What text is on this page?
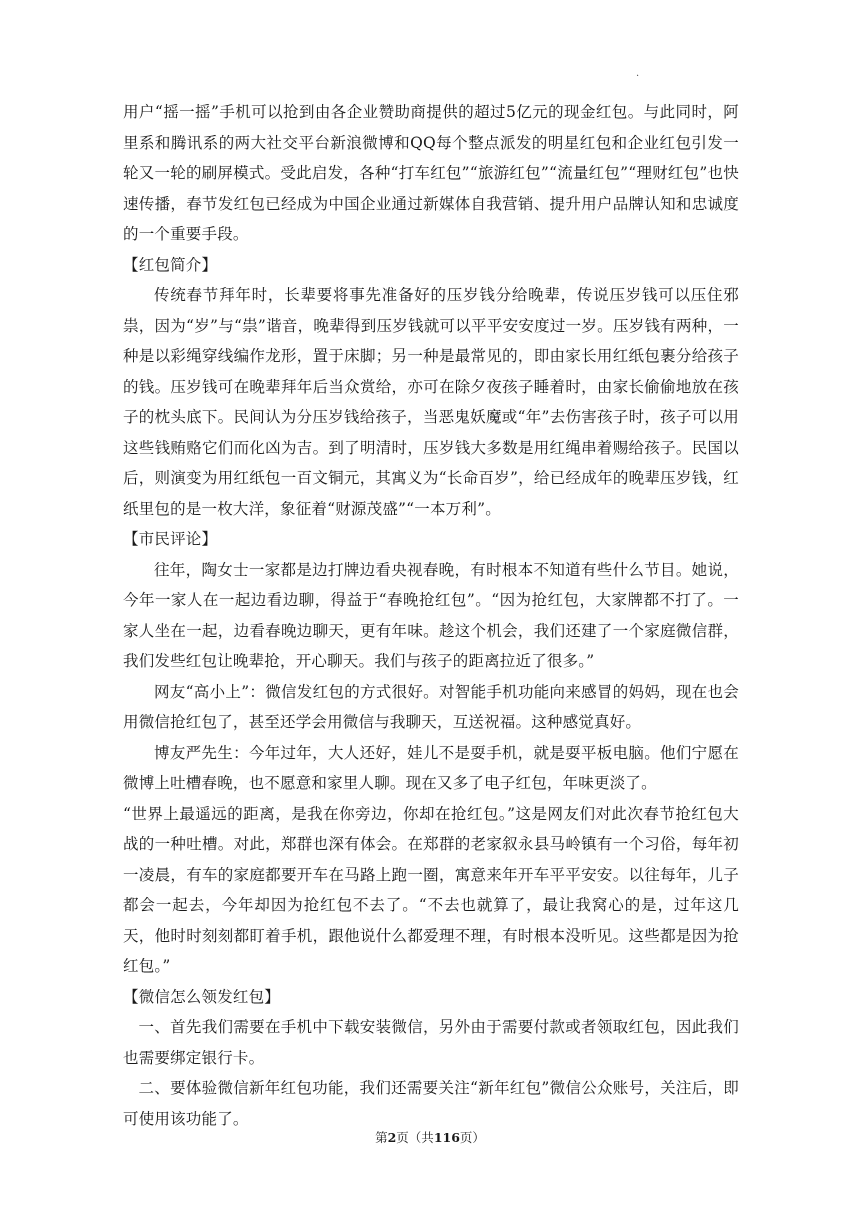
·

用户“摇一摇”手机可以抢到由各企业赞助商提供的超过5亿元的现金红包。与此同时，阿里系和腾讯系的两大社交平台新浪微博和QQ每个整点派发的明星红包和企业红包引发一轮又一轮的刷屏模式。受此启发，各种“打车红包”“旅游红包”“流量红包”“理财红包”也快速传播，春节发红包已经成为中国企业通过新媒体自我营销、提升用户品牌认知和忠诚度的一个重要手段。

【红包简介】

传统春节拜年时，长辈要将事先准备好的压岁钱分给晚辈，传说压岁钱可以压住邪祟，因为“岁”与“祟”谐音，晚辈得到压岁钱就可以平平安安度过一岁。压岁钱有两种，一种是以彩绳穿线编作龙形，置于床脚；另一种是最常见的，即由家长用红纸包裹分给孩子的钱。压岁钱可在晚辈拜年后当众赏给，亦可在除夕夜孩子睡着时，由家长偷偷地放在孩子的枕头底下。民间认为分压岁钱给孩子，当恶鬼妖魔或“年”去伤害孩子时，孩子可以用这些钱贿赂它们而化凶为吉。到了明清时，压岁钱大多数是用红绳串着赐给孩子。民国以后，则演变为用红纸包一百文铜元，其寓义为“长命百岁”，给已经成年的晚辈压岁钱，红纸里包的是一枚大洋，象征着“财源茂盛”“一本万利”。

【市民评论】

往年，陶女士一家都是边打牌边看央视春晚，有时根本不知道有些什么节目。她说，今年一家人在一起边看边聊，得益于“春晚抢红包”。“因为抢红包，大家牌都不打了。一家人坐在一起，边看春晚边聊天，更有年味。趁这个机会，我们还建了一个家庭微信群，我们发些红包让晚辈抢，开心聊天。我们与孩子的距离拉近了很多。”

网友“高小上”：微信发红包的方式很好。对智能手机功能向来感冒的妈妈，现在也会用微信抢红包了，甚至还学会用微信与我聊天，互送祝福。这种感觉真好。

博友严先生：今年过年，大人还好，娃儿不是耍手机，就是耍平板电脑。他们宁愿在微博上吐槽春晚，也不愿意和家里人聊。现在又多了电子红包，年味更淡了。

“世界上最遥远的距离，是我在你旁边，你却在抢红包。”这是网友们对此次春节抢红包大战的一种吐槽。对此，郑群也深有体会。在郑群的老家叙永县马岭镇有一个习俗，每年初一凌晨，有车的家庭都要开车在马路上跑一圈，寓意来年开车平平安安。以往每年，儿子都会一起去，今年却因为抢红包不去了。“不去也就算了，最让我窝心的是，过年这几天，他时时刻刻都盯着手机，跟他说什么都爱理不理，有时根本没听见。这些都是因为抢红包。”

【微信怎么领发红包】

一、首先我们需要在手机中下载安装微信，另外由于需要付款或者领取红包，因此我们也需要绑定银行卡。

二、要体验微信新年红包功能，我们还需要关注“新年红包”微信公众账号，关注后，即可使用该功能了。

第2页（共116页）
